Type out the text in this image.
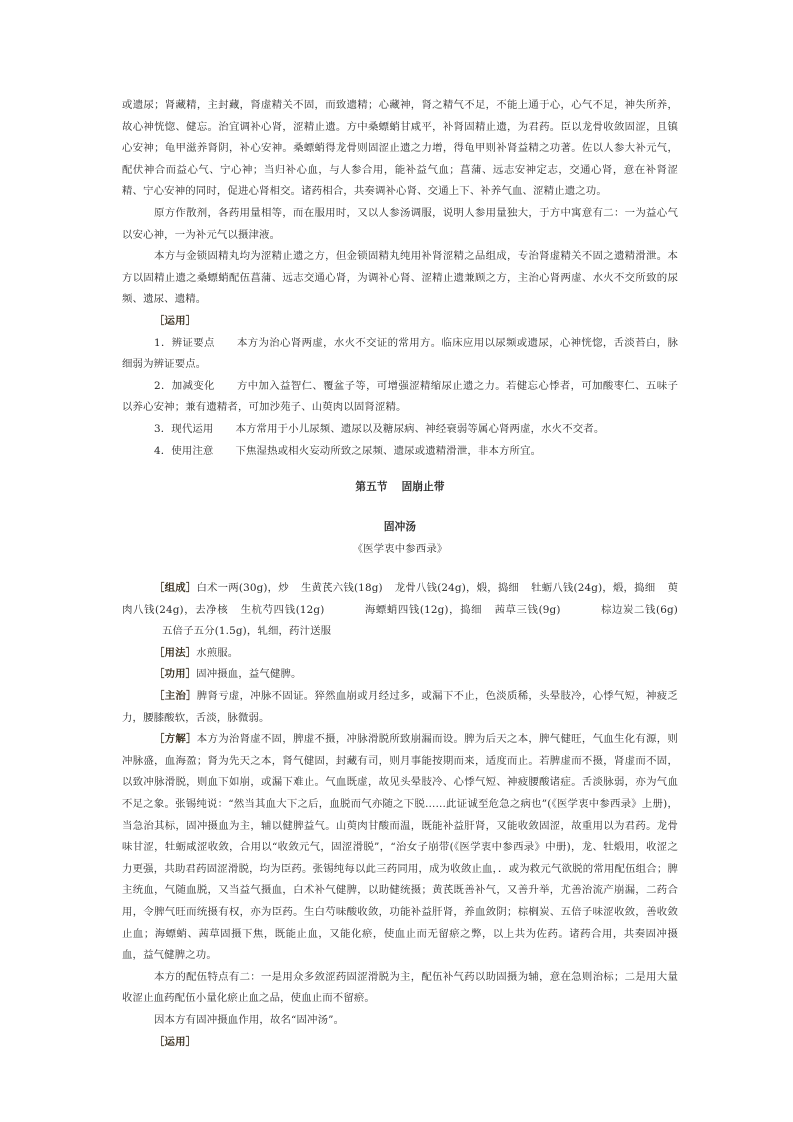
或遗尿；肾藏精，主封藏，肾虚精关不固，而致遗精；心藏神，肾之精气不足，不能上通于心，心气不足，神失所养，故心神恍惚、健忘。治宜调补心肾，涩精止遗。方中桑螵蛸甘咸平，补肾固精止遗，为君药。臣以龙骨收敛固涩，且镇心安神；龟甲滋养肾阴，补心安神。桑螵蛸得龙骨则固涩止遗之力增，得龟甲则补肾益精之功著。佐以人参大补元气，配伏神合而益心气、宁心神；当归补心血，与人参合用，能补益气血；菖蒲、远志安神定志，交通心肾，意在补肾涩精、宁心安神的同时，促进心肾相交。诸药相合，共奏调补心肾、交通上下、补养气血、涩精止遗之功。

原方作散剂，各药用量相等，而在服用时，又以人参汤调服，说明人参用量独大，于方中寓意有二：一为益心气以安心神，一为补元气以摄津液。

本方与金锁固精丸均为涩精止遗之方，但金锁固精丸纯用补肾涩精之品组成，专治肾虚精关不固之遗精滑泄。本方以固精止遗之桑螵蛸配伍菖蒲、远志交通心肾，为调补心肾、涩精止遗兼顾之方，主治心肾两虚、水火不交所致的尿频、遗尿、遗精。

［运用］

1．辨证要点 本方为治心肾两虚，水火不交证的常用方。临床应用以尿频或遗尿，心神恍惚，舌淡苔白，脉细弱为辨证要点。

2．加减变化 方中加入益智仁、覆盆子等，可增强涩精缩尿止遗之力。若健忘心悸者，可加酸枣仁、五味子以养心安神；兼有遗精者，可加沙苑子、山萸肉以固肾涩精。

3．现代运用 本方常用于小儿尿频、遗尿以及糖尿病、神经衰弱等属心肾两虚，水火不交者。

4．使用注意 下焦湿热或相火妄动所致之尿频、遗尿或遗精滑泄，非本方所宜。

第五节 固崩止带

固冲汤

《医学衷中参西录》

［组成］白术一两(30g)，炒 生黄芪六钱(18g) 龙骨八钱(24g)，煅，捣细 牡蛎八钱(24g)，煅，捣细 萸肉八钱(24g)，去净核 生杭芍四钱(12g)	海螵蛸四钱(12g)，捣细 茜草三钱(9g)	棕边炭二钱(6g)五倍子五分(1.5g)，轧细，药汁送服

［用法］水煎服。

［功用］固冲摄血，益气健脾。

［主治］脾肾亏虚，冲脉不固证。猝然血崩或月经过多，或漏下不止，色淡质稀，头晕肢冷，心悸气短，神疲乏力，腰膝酸软，舌淡，脉微弱。

［方解］本方为治肾虚不固，脾虚不摄，冲脉滑脱所致崩漏而设。脾为后天之本，脾气健旺，气血生化有源，则冲脉盛，血海盈；肾为先天之本，肾气健固，封藏有司，则月事能按期而来，适度而止。若脾虚而不摄，肾虚而不固，以致冲脉滑脱，则血下如崩，或漏下难止。气血既虚，故见头晕肢冷、心悸气短、神疲腰酸诸症。舌淡脉弱，亦为气血不足之象。张锡纯说：“然当其血大下之后，血脱而气亦随之下脱……此证诚至危急之病也”(《医学衷中参西录》上册)，当急治其标，固冲摄血为主，辅以健脾益气。山萸肉甘酸而温，既能补益肝肾，又能收敛固涩，故重用以为君药。龙骨味甘涩，牡蛎咸涩收敛，合用以“收敛元气，固涩滑脱”，“治女子崩带(《医学衷中参西录》中册)，龙、牡煅用，收涩之力更强，共助君药固涩滑脱，均为臣药。张锡纯每以此三药同用，成为收敛止血，．或为救元气欲脱的常用配伍组合；脾主统血，气随血脱，又当益气摄血，白术补气健脾，以助健统摄；黄芪既善补气，又善升举，尤善治流产崩漏，二药合用，令脾气旺而统摄有权，亦为臣药。生白芍味酸收敛，功能补益肝肾，养血敛阴；棕榈炭、五倍子味涩收敛，善收敛止血；海螵蛸、茜草固摄下焦，既能止血，又能化瘀，使血止而无留瘀之弊，以上共为佐药。诸药合用，共奏固冲摄血，益气健脾之功。

本方的配伍特点有二：一是用众多敛涩药固涩滑脱为主，配伍补气药以助固摄为辅，意在急则治标；二是用大量收涩止血药配伍小量化瘀止血之品，使血止而不留瘀。

因本方有固冲摄血作用，故名“固冲汤”。

［运用］
